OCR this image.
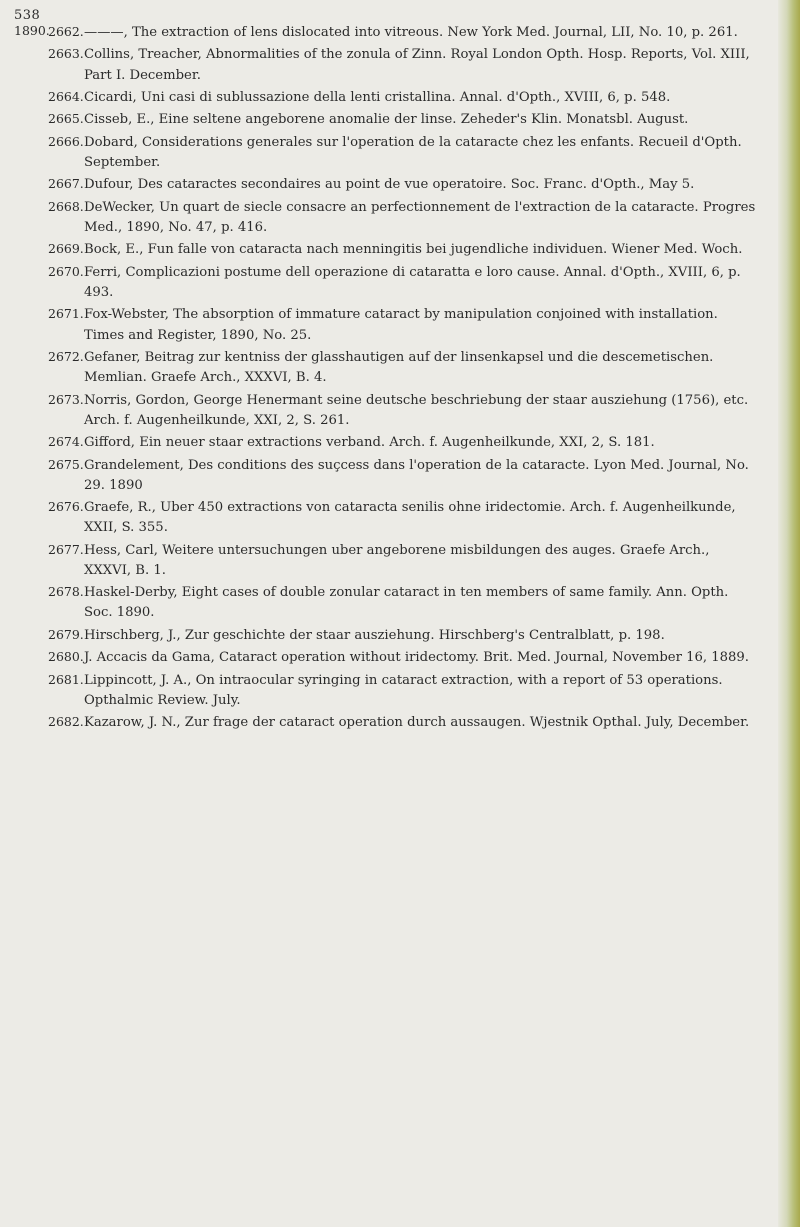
538
1890.
2662.———, The extraction of lens dislocated into vitreous. New York Med. Journal, LII, No. 10, p. 261.
2663.Collins, Treacher, Abnormalities of the zonula of Zinn. Royal London Opth. Hosp. Reports, Vol. XIII, Part I. December.
2664.Cicardi, Uni casi di sublussazione della lenti cristallina. Annal. d'Opth., XVIII, 6, p. 548.
2665.Cisseb, E., Eine seltene angeborene anomalie der linse. Zeheder's Klin. Monatsbl. August.
2666.Dobard, Considerations generales sur l'operation de la cataracte chez les enfants. Recueil d'Opth. September.
2667.Dufour, Des cataractes secondaires au point de vue operatoire. Soc. Franc. d'Opth., May 5.
2668.DeWecker, Un quart de siecle consacre an perfectionnement de l'extraction de la cataracte. Progres Med., 1890, No. 47, p. 416.
2669.Bock, E., Fun falle von cataracta nach menningitis bei jugendliche individuen. Wiener Med. Woch.
2670.Ferri, Complicazioni postume dell operazione di cataratta e loro cause. Annal. d'Opth., XVIII, 6, p. 493.
2671.Fox-Webster, The absorption of immature cataract by manipulation conjoined with installation. Times and Register, 1890, No. 25.
2672.Gefaner, Beitrag zur kentniss der glasshautigen auf der linsenkapsel und die descemetischen. Memlian. Graefe Arch., XXXVI, B. 4.
2673.Norris, Gordon, George Henermant seine deutsche beschriebung der staar ausziehung (1756), etc. Arch. f. Augenheilkunde, XXI, 2, S. 261.
2674.Gifford, Ein neuer staar extractions verband. Arch. f. Augenheilkunde, XXI, 2, S. 181.
2675.Grandelement, Des conditions des suçcess dans l'operation de la cataracte. Lyon Med. Journal, No. 29. 1890
2676.Graefe, R., Uber 450 extractions von cataracta senilis ohne iridectomie. Arch. f. Augenheilkunde, XXII, S. 355.
2677.Hess, Carl, Weitere untersuchungen uber angeborene misbildungen des auges. Graefe Arch., XXXVI, B. 1.
2678.Haskel-Derby, Eight cases of double zonular cataract in ten members of same family. Ann. Opth. Soc. 1890.
2679.Hirschberg, J., Zur geschichte der staar ausziehung. Hirschberg's Centralblatt, p. 198.
2680.J. Accacis da Gama, Cataract operation without iridectomy. Brit. Med. Journal, November 16, 1889.
2681.Lippincott, J. A., On intraocular syringing in cataract extraction, with a report of 53 operations. Opthalmic Review. July.
2682.Kazarow, J. N., Zur frage der cataract operation durch aussaugen. Wjestnik Opthal. July, December.
